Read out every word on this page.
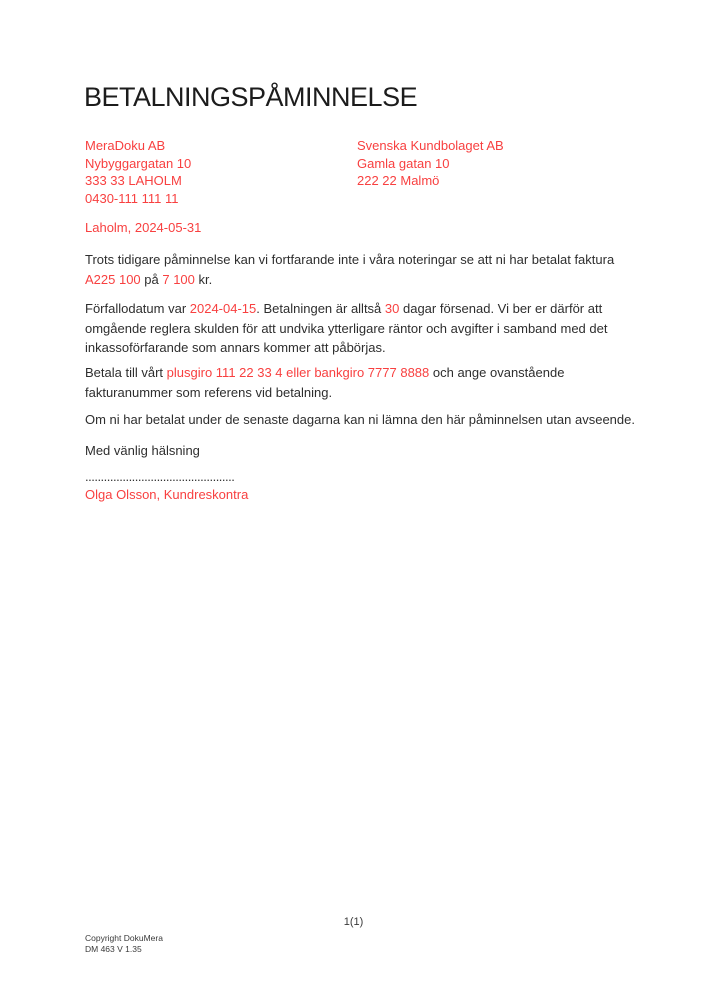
BETALNINGSPÅMINNELSE
MeraDoku AB
Nybyggargatan 10
333 33 LAHOLM
0430-111 111 11
Svenska Kundbolaget AB
Gamla gatan 10
222 22 Malmö
Laholm, 2024-05-31
Trots tidigare påminnelse kan vi fortfarande inte i våra noteringar se att ni har betalat faktura
A225 100 på 7 100 kr.
Förfallodatum var 2024-04-15. Betalningen är alltså 30 dagar försenad. Vi ber er därför att
omgående reglera skulden för att undvika ytterligare räntor och avgifter i samband med det
inkassoförfarande som annars kommer att påbörjas.
Betala till vårt plusgiro 111 22 33 4 eller bankgiro 7777 8888 och ange ovanstående
fakturanummer som referens vid betalning.
Om ni har betalat under de senaste dagarna kan ni lämna den här påminnelsen utan avseende.
Med vänlig hälsning
................................................
Olga Olsson, Kundreskontra
1(1)
Copyright DokuMera
DM 463 V 1.35
